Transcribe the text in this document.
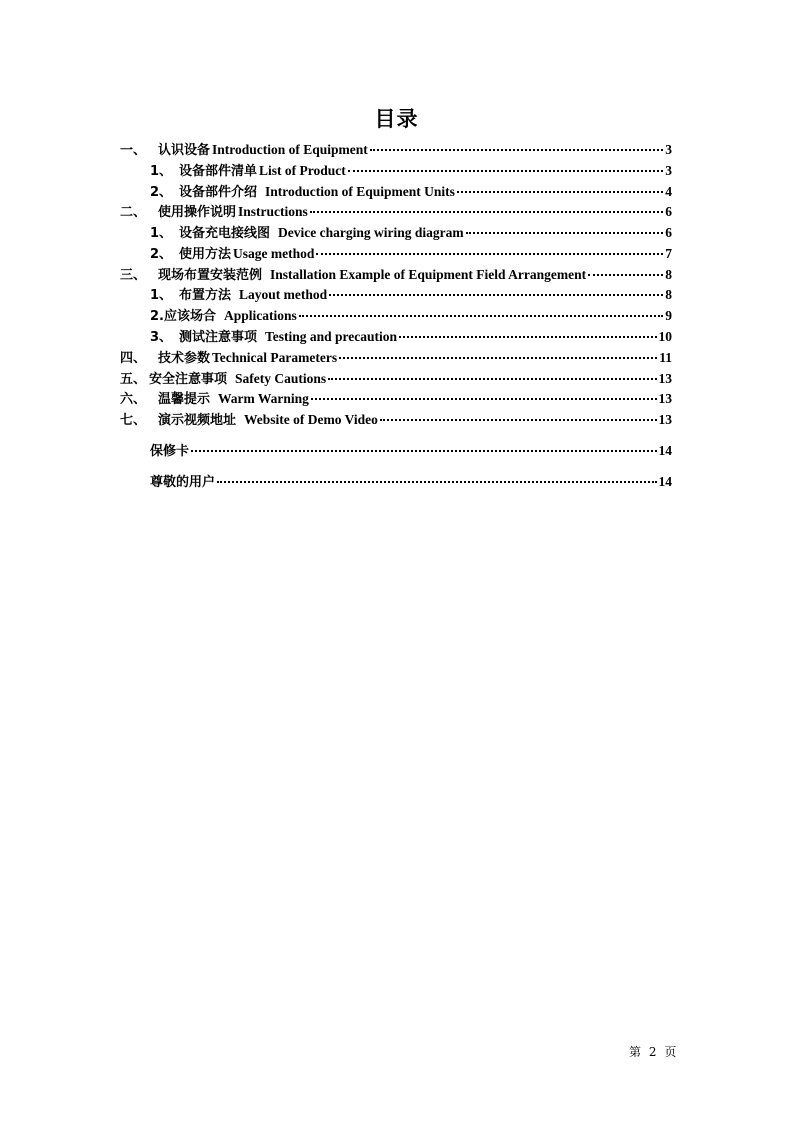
目录
一、 认识设备 Introduction of Equipment	3
1、 设备部件清单 List of Product	3
2、 设备部件介绍 Introduction of Equipment Units	4
二、 使用操作说明 Instructions	6
1、 设备充电接线图 Device charging wiring diagram	6
2、 使用方法 Usage method	7
三、 现场布置安装范例 Installation Example of Equipment Field Arrangement	8
1、 布置方法 Layout method	8
2. 应该场合 Applications	9
3、 测试注意事项 Testing and precaution	10
四、 技术参数 Technical Parameters	11
五、 安全注意事项 Safety Cautions	13
六、 温馨提示 Warm Warning	13
七、 演示视频地址 Website of Demo Video	13
保修卡	14
尊敬的用户	14
第 2 页
